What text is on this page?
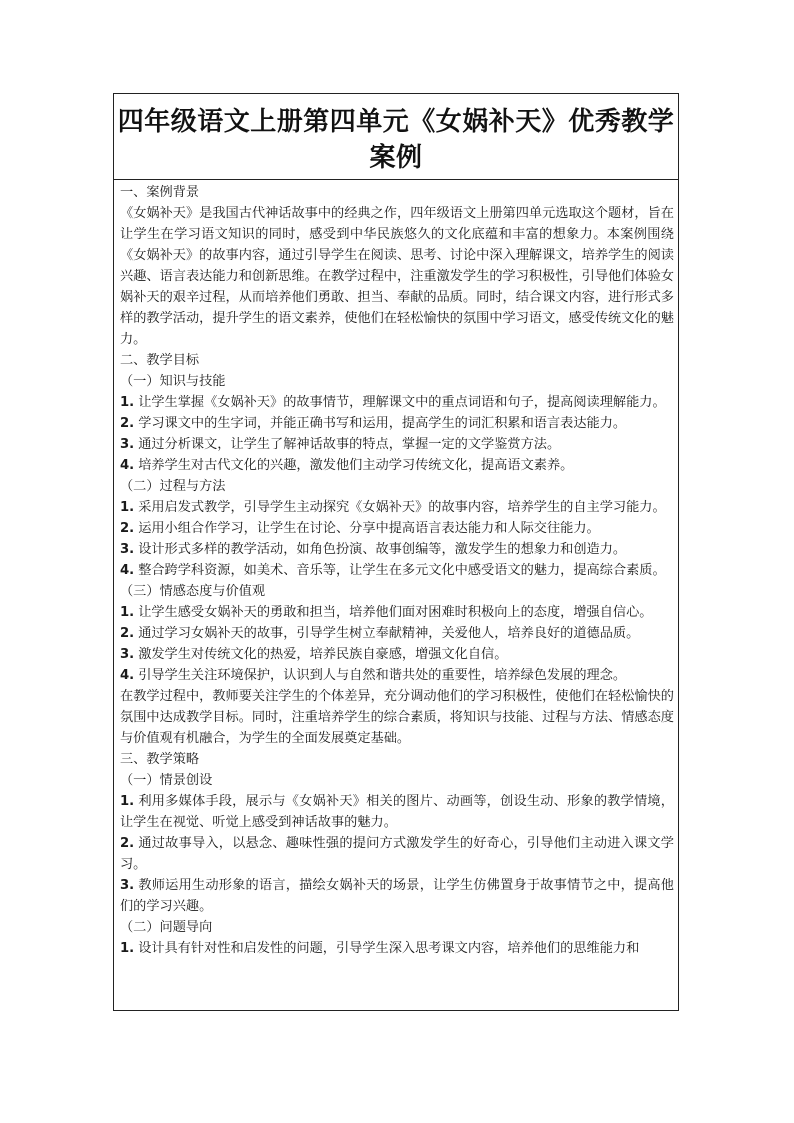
四年级语文上册第四单元《女娲补天》优秀教学案例

一、案例背景

《女娲补天》是我国古代神话故事中的经典之作，四年级语文上册第四单元选取这个题材，旨在让学生在学习语文知识的同时，感受到中华民族悠久的文化底蕴和丰富的想象力。本案例围绕《女娲补天》的故事内容，通过引导学生在阅读、思考、讨论中深入理解课文，培养学生的阅读兴趣、语言表达能力和创新思维。在教学过程中，注重激发学生的学习积极性，引导他们体验女娲补天的艰辛过程，从而培养他们勇敢、担当、奉献的品质。同时，结合课文内容，进行形式多样的教学活动，提升学生的语文素养，使他们在轻松愉快的氛围中学习语文，感受传统文化的魅力。

二、教学目标

（一）知识与技能

1. 让学生掌握《女娲补天》的故事情节，理解课文中的重点词语和句子，提高阅读理解能力。

2. 学习课文中的生字词，并能正确书写和运用，提高学生的词汇积累和语言表达能力。

3. 通过分析课文，让学生了解神话故事的特点，掌握一定的文学鉴赏方法。

4. 培养学生对古代文化的兴趣，激发他们主动学习传统文化，提高语文素养。

（二）过程与方法

1. 采用启发式教学，引导学生主动探究《女娲补天》的故事内容，培养学生的自主学习能力。

2. 运用小组合作学习，让学生在讨论、分享中提高语言表达能力和人际交往能力。

3. 设计形式多样的教学活动，如角色扮演、故事创编等，激发学生的想象力和创造力。

4. 整合跨学科资源，如美术、音乐等，让学生在多元文化中感受语文的魅力，提高综合素质。

（三）情感态度与价值观

1. 让学生感受女娲补天的勇敢和担当，培养他们面对困难时积极向上的态度，增强自信心。

2. 通过学习女娲补天的故事，引导学生树立奉献精神，关爱他人，培养良好的道德品质。

3. 激发学生对传统文化的热爱，培养民族自豪感，增强文化自信。

4. 引导学生关注环境保护，认识到人与自然和谐共处的重要性，培养绿色发展的理念。

在教学过程中，教师要关注学生的个体差异，充分调动他们的学习积极性，使他们在轻松愉快的氛围中达成教学目标。同时，注重培养学生的综合素质，将知识与技能、过程与方法、情感态度与价值观有机融合，为学生的全面发展奠定基础。

三、教学策略

（一）情景创设

1. 利用多媒体手段，展示与《女娲补天》相关的图片、动画等，创设生动、形象的教学情境，让学生在视觉、听觉上感受到神话故事的魅力。

2. 通过故事导入，以悬念、趣味性强的提问方式激发学生的好奇心，引导他们主动进入课文学习。

3. 教师运用生动形象的语言，描绘女娲补天的场景，让学生仿佛置身于故事情节之中，提高他们的学习兴趣。

（二）问题导向

1. 设计具有针对性和启发性的问题，引导学生深入思考课文内容，培养他们的思维能力和
